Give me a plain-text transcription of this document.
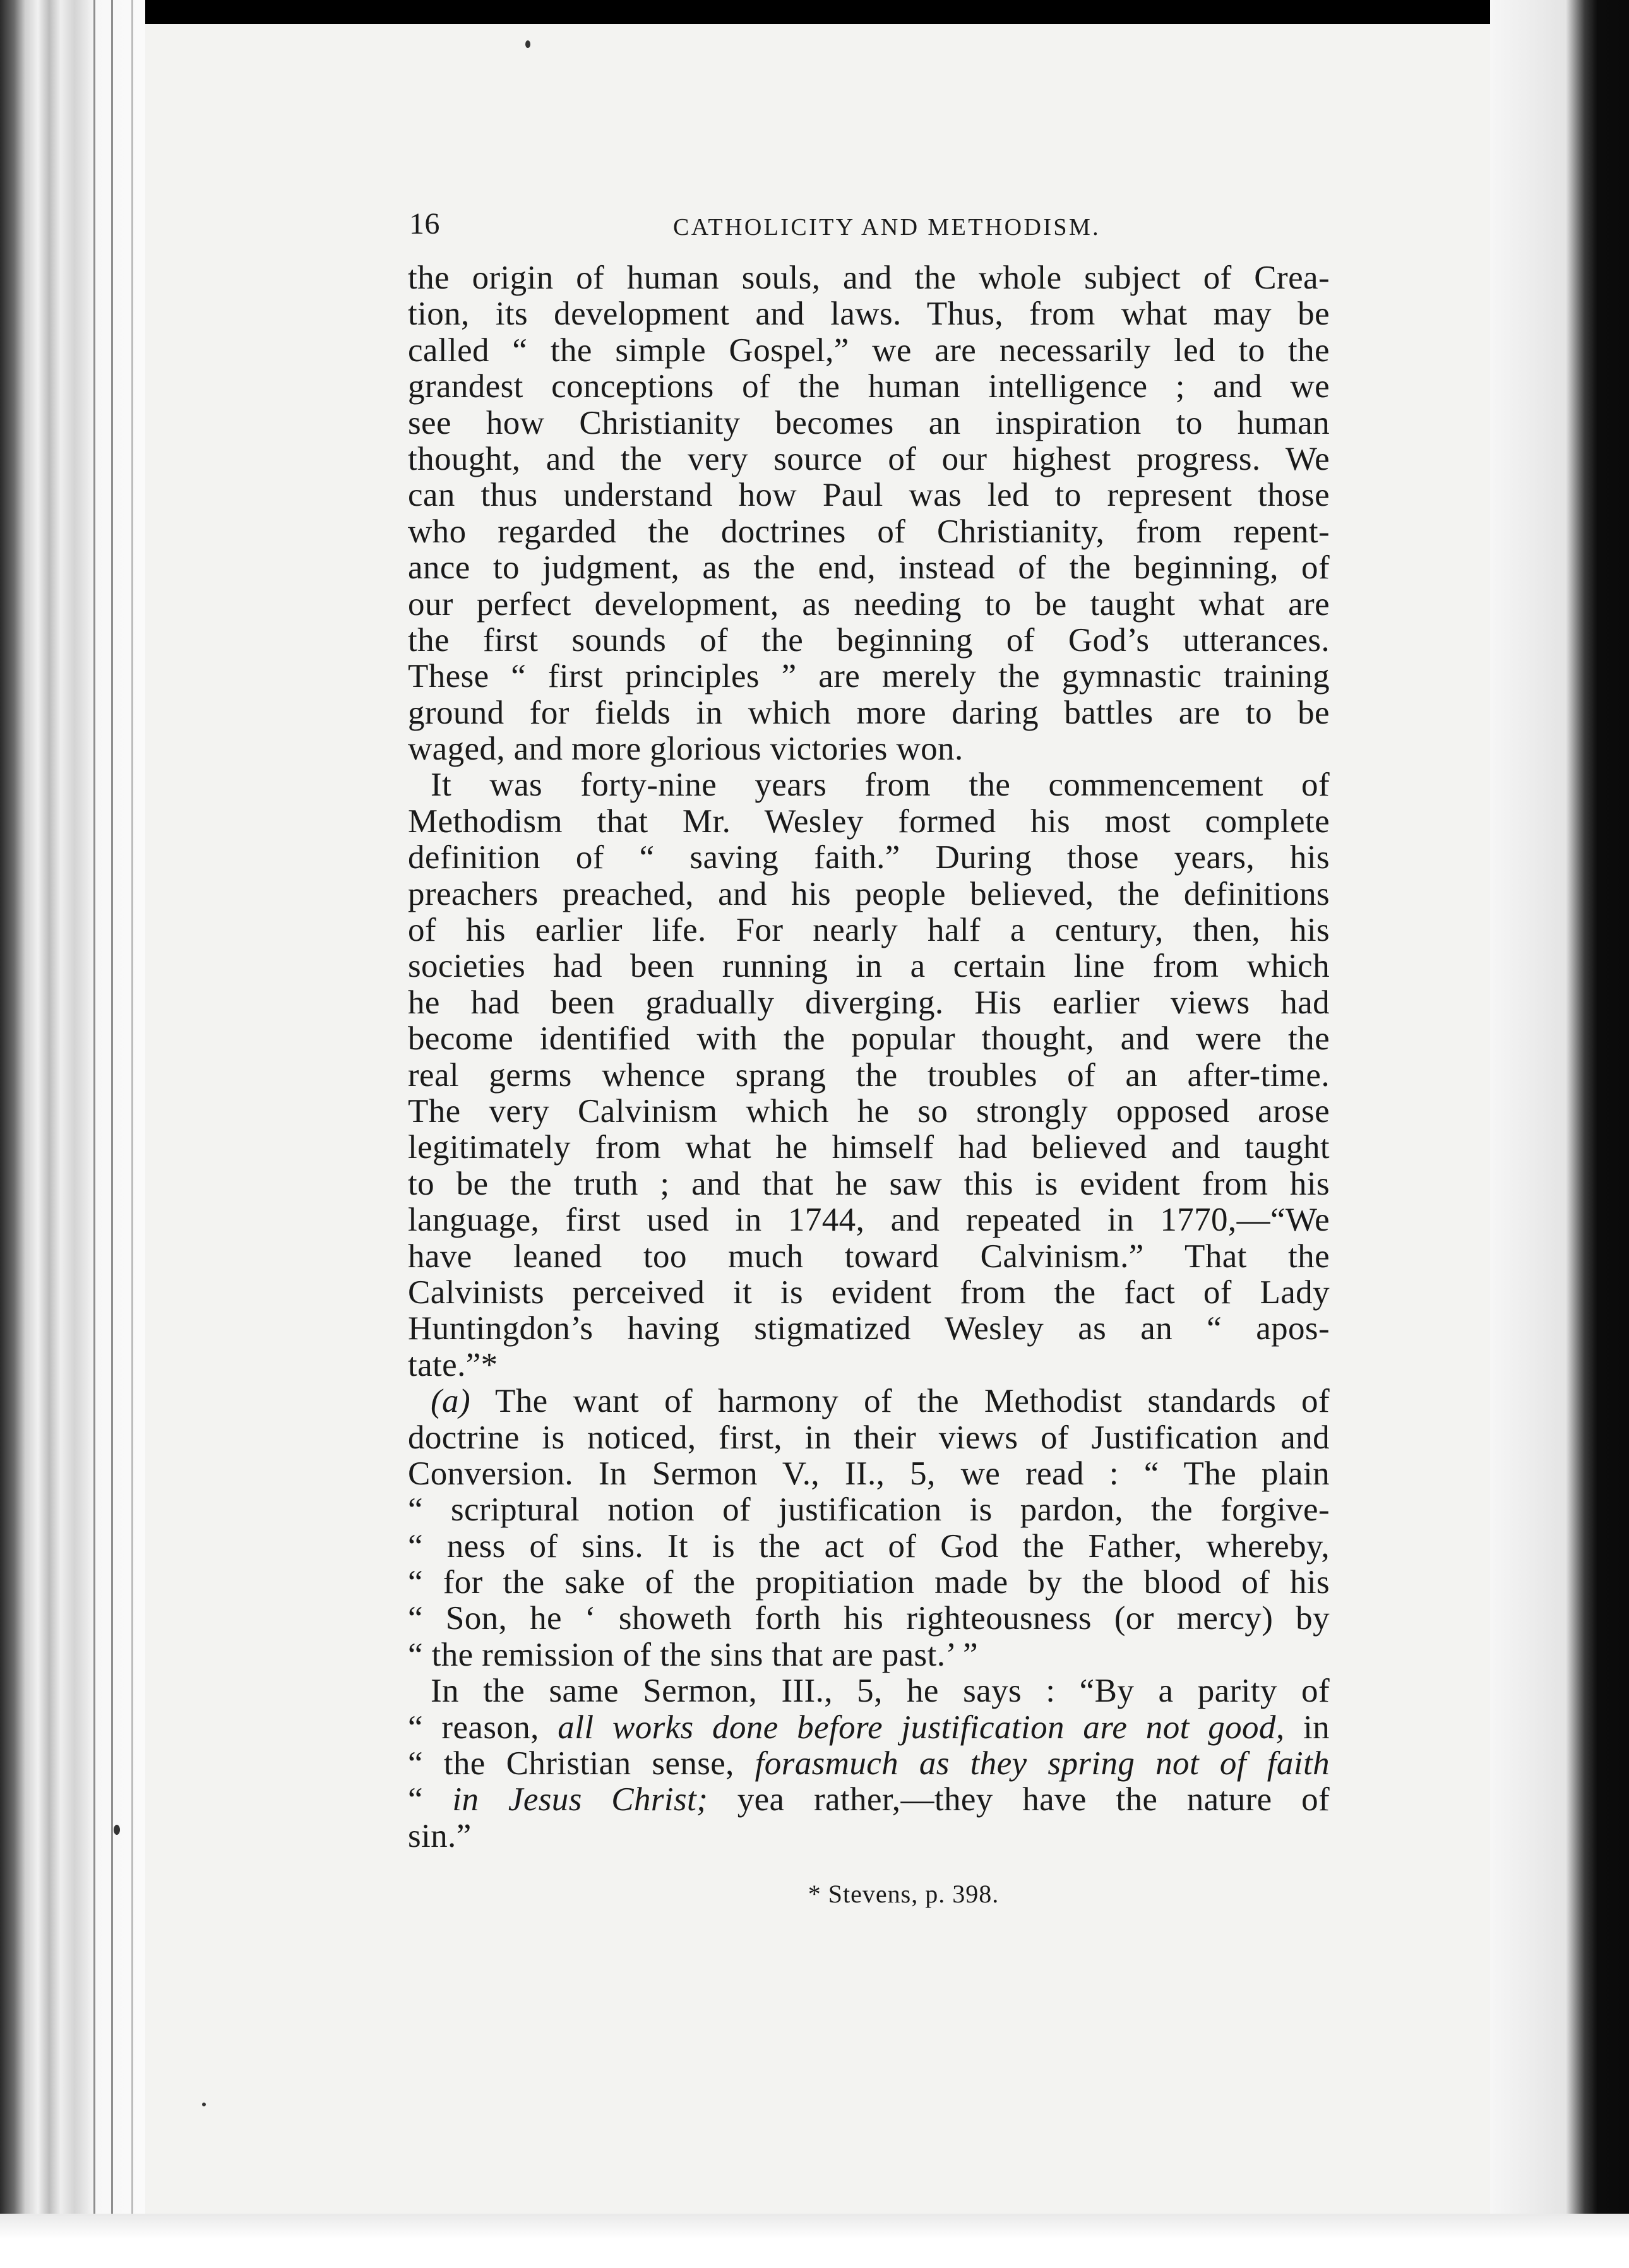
16	CATHOLICITY AND METHODISM.
the origin of human souls, and the whole subject of Crea-
tion, its development and laws. Thus, from what may be
called “ the simple Gospel,” we are necessarily led to the
grandest conceptions of the human intelligence ; and we
see how Christianity becomes an inspiration to human
thought, and the very source of our highest progress. We
can thus understand how Paul was led to represent those
who regarded the doctrines of Christianity, from repent-
ance to judgment, as the end, instead of the beginning, of
our perfect development, as needing to be taught what are
the first sounds of the beginning of God’s utterances.
These “ first principles ” are merely the gymnastic training
ground for fields in which more daring battles are to be
waged, and more glorious victories won.
It was forty-nine years from the commencement of
Methodism that Mr. Wesley formed his most complete
definition of “ saving faith.” During those years, his
preachers preached, and his people believed, the definitions
of his earlier life. For nearly half a century, then, his
societies had been running in a certain line from which
he had been gradually diverging. His earlier views had
become identified with the popular thought, and were the
real germs whence sprang the troubles of an after-time.
The very Calvinism which he so strongly opposed arose
legitimately from what he himself had believed and taught
to be the truth ; and that he saw this is evident from his
language, first used in 1744, and repeated in 1770,—“We
have leaned too much toward Calvinism.” That the
Calvinists perceived it is evident from the fact of Lady
Huntingdon’s having stigmatized Wesley as an “ apos-
tate.”*
(a) The want of harmony of the Methodist standards of
doctrine is noticed, first, in their views of Justification and
Conversion. In Sermon V., II., 5, we read : “ The plain
“ scriptural notion of justification is pardon, the forgive-
“ ness of sins. It is the act of God the Father, whereby,
“ for the sake of the propitiation made by the blood of his
“ Son, he ‘ showeth forth his righteousness (or mercy) by
“ the remission of the sins that are past.’ ”
In the same Sermon, III., 5, he says : “By a parity of
“ reason, all works done before justification are not good, in
“ the Christian sense, forasmuch as they spring not of faith
“ in Jesus Christ; yea rather,—they have the nature of
sin.”
* Stevens, p. 398.
